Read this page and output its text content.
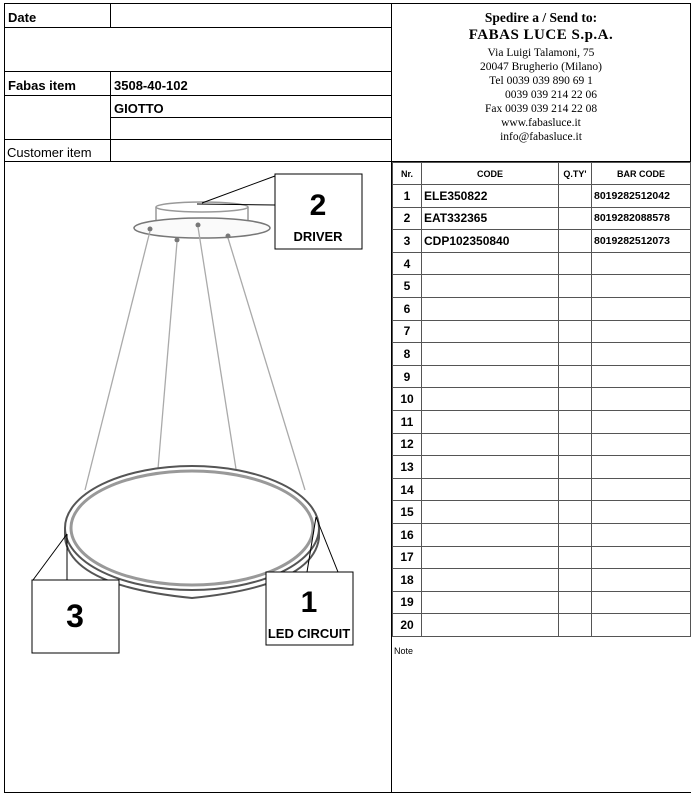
Date
Fabas item	3508-40-102
GIOTTO
Customer item
Spedire a / Send to:
FABAS LUCE S.p.A.
Via Luigi Talamoni, 75
20047 Brugherio (Milano)
Tel 0039 039 890 69 1
0039 039 214 22 06
Fax 0039 039 214 22 08
www.fabasluce.it
info@fabasluce.it
Nr.	CODE	Q.TY'	BAR CODE
1	ELE350822		8019282512042
2	EAT332365		8019282088578
3	CDP102350840		8019282512073
4			
5			
6			
7			
8			
9			
10			
11			
12			
13			
14			
15			
16			
17			
18			
19			
20			
Note
2
DRIVER
1
LED CIRCUIT
3
